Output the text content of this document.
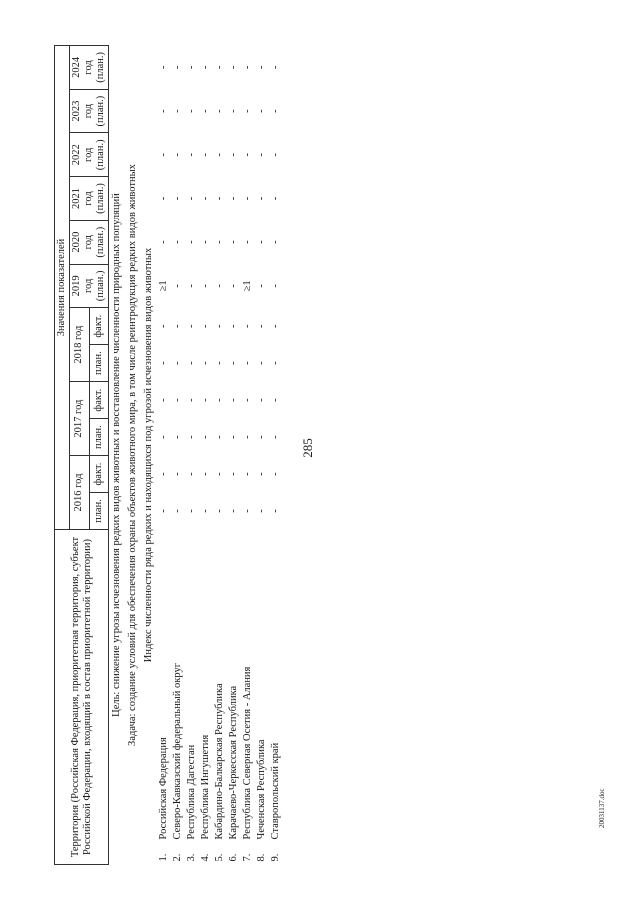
285
20031137.doc
Территория (Российская Федерация, приоритетная территория, субъект Российской Федерации, входящий в состав приоритетной территории)	Значения показателей											
	2016 год		2017 год		2018 год		2019 год (план.)	2020 год (план.)	2021 год (план.)	2022 год (план.)	2023 год (план.)	2024 год (план.)
	план.	факт.	план.	факт.	план.	факт.						
Цель: снижение угрозы исчезновения редких видов животных и восстановление численности природных популяций												
Задача: создание условий для обеспечения охраны объектов животного мира, в том числе реинтродукция редких видов животных												
Индекс численности ряда редких и находящихся под угрозой исчезновения видов животных												
1.Российская Федерация	-	-	-	-	-	-	≥1	-	-	-	-	-
2.Северо-Кавказский федеральный округ	-	-	-	-	-	-	-	-	-	-	-	-
3.Республика Дагестан	-	-	-	-	-	-	-	-	-	-	-	-
4.Республика Ингушетия	-	-	-	-	-	-	-	-	-	-	-	-
5.Кабардино-Балкарская Республика	-	-	-	-	-	-	-	-	-	-	-	-
6.Карачаево-Черкесская Республика	-	-	-	-	-	-	-	-	-	-	-	-
7.Республика Северная Осетия - Алания	-	-	-	-	-	-	≥1	-	-	-	-	-
8.Чеченская Республика	-	-	-	-	-	-	-	-	-	-	-	-
9.Ставропольский край	-	-	-	-	-	-	-	-	-	-	-	-
